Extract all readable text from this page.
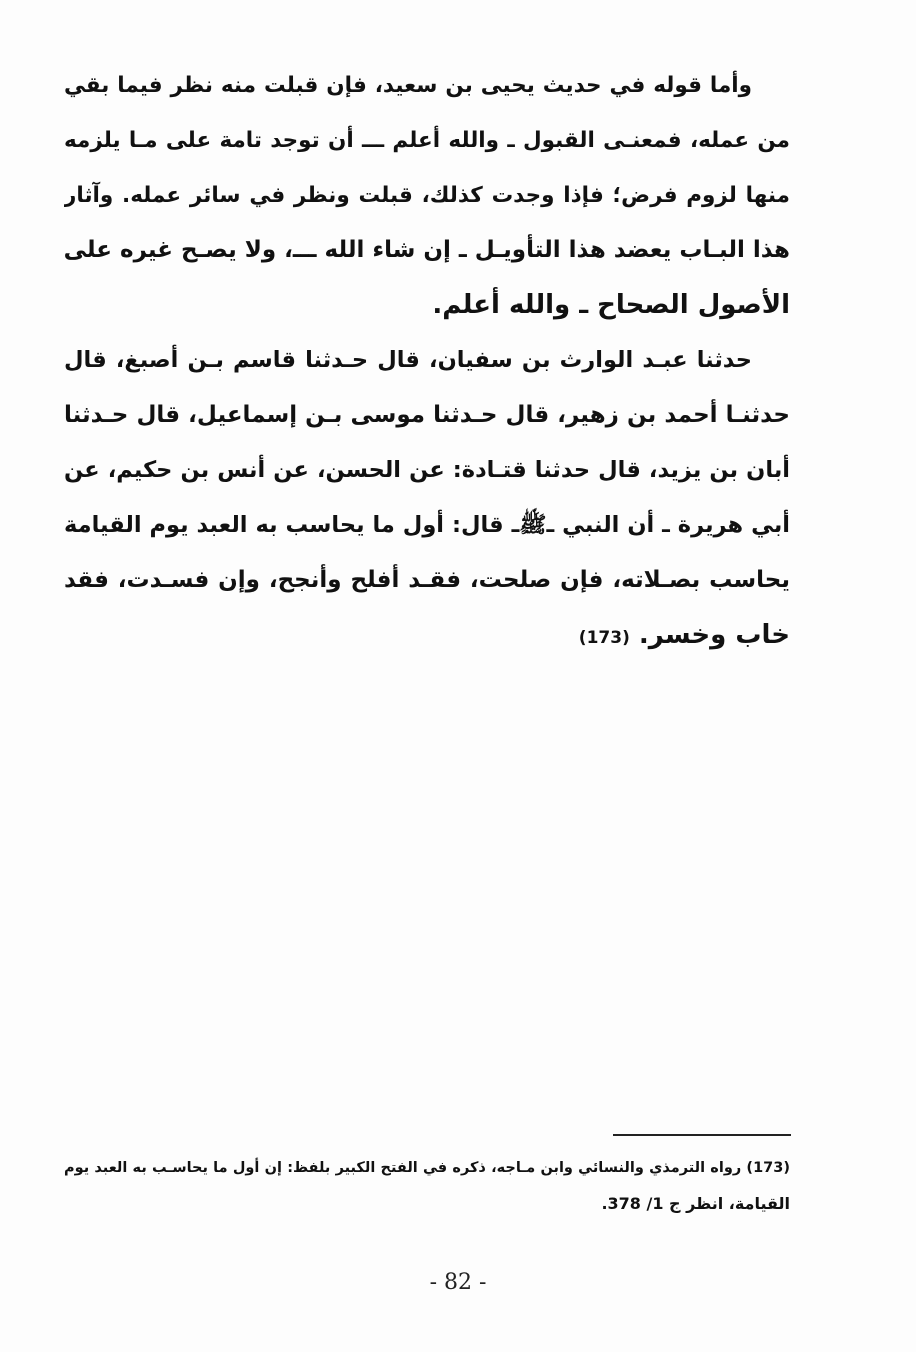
وأما قوله في حديث يحيى بن سعيد، فإن قبلت منه نظر فيما بقي
من عمله، فمعنـى القبول ـ والله أعلم ـــ أن توجد تامة على مـا يلزمه
منها لزوم فرض؛ فإذا وجدت كذلك، قبلت ونظر في سائر عمله. وآثار
هذا البـاب يعضد هذا التأويـل ـ إن شاء الله ـــ، ولا يصـح غيره على
الأصول الصحاح ـ والله أعلم.
حدثنا عبـد الوارث بن سفيان، قال حـدثنا قاسم بـن أصبغ، قال
حدثنـا أحمد بن زهير، قال حـدثنا موسى بـن إسماعيل، قال حـدثنا
أبان بن يزيد، قال حدثنا قتـادة: عن الحسن، عن أنس بن حكيم، عن
أبي هريرة ـ أن النبي ـﷺـ قال: أول ما يحاسب به العبد يوم القيامة
يحاسب بصـلاته، فإن صلحت، فقـد أفلح وأنجح، وإن فسـدت، فقد
خاب وخسر. (173)
(173) رواه الترمذي والنسائي وابن مـاجه، ذكره في الفتح الكبير بلفظ: إن أول ما يحاسـب به العبد يوم
القيامة، انظر ج 1/ 378.
- 82 -
